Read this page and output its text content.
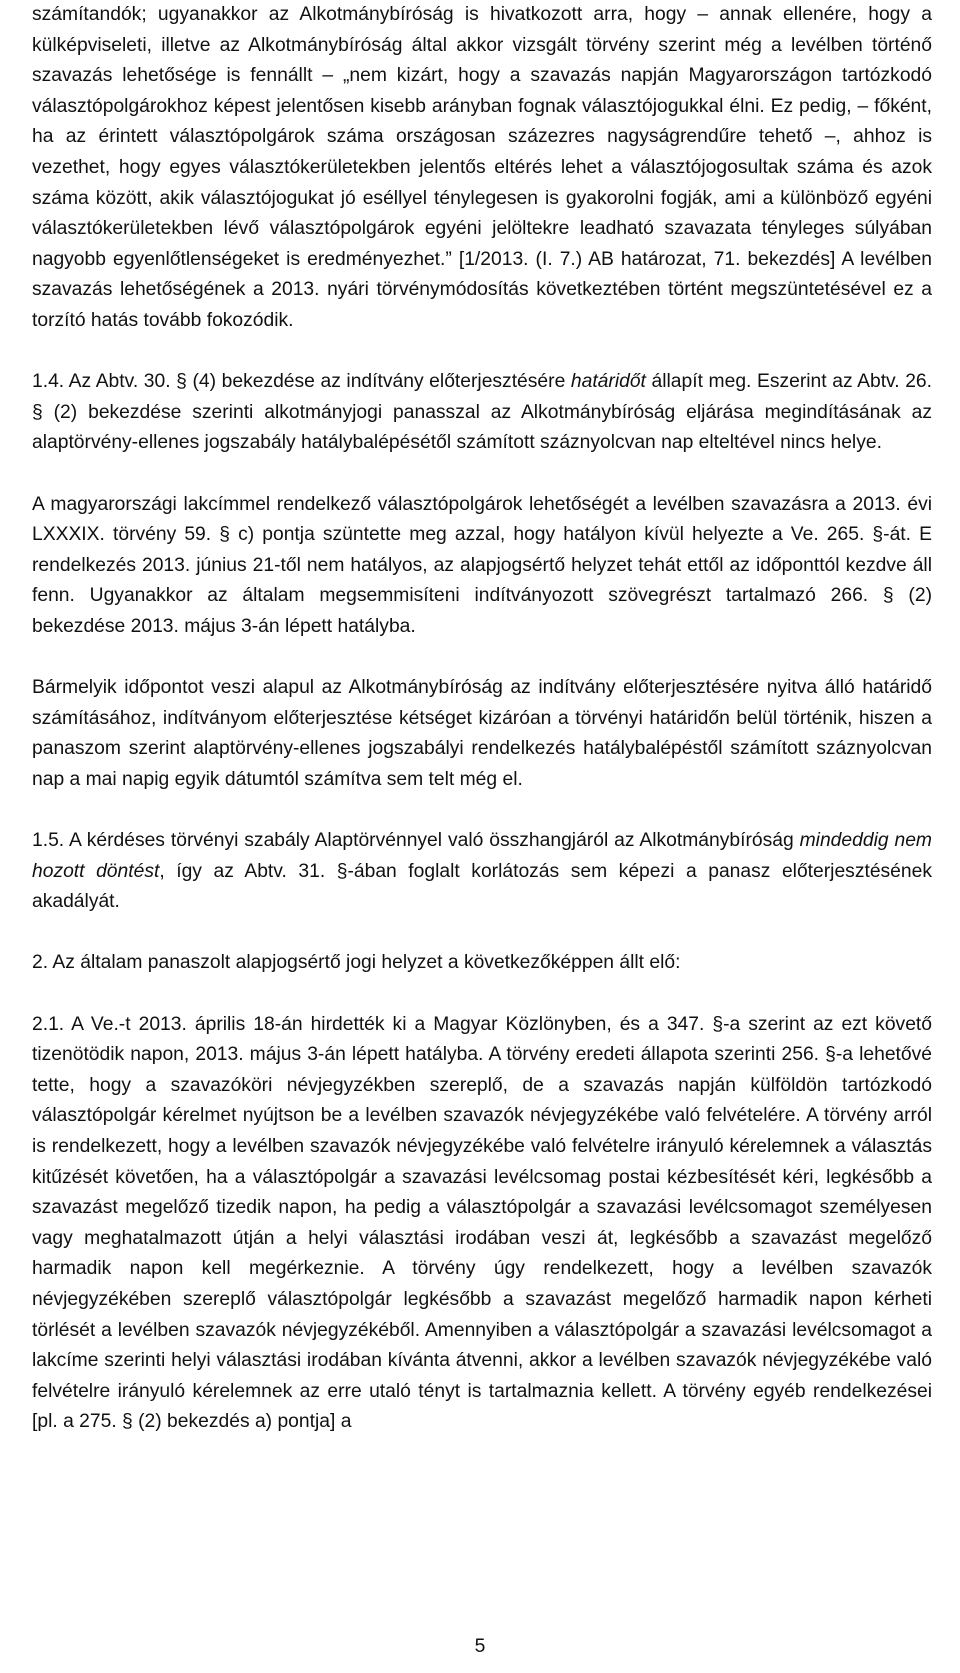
számítandók; ugyanakkor az Alkotmánybíróság is hivatkozott arra, hogy – annak ellenére, hogy a külképviseleti, illetve az Alkotmánybíróság által akkor vizsgált törvény szerint még a levélben történő szavazás lehetősége is fennállt – „nem kizárt, hogy a szavazás napján Magyarországon tartózkodó választópolgárokhoz képest jelentősen kisebb arányban fognak választójogukkal élni. Ez pedig, – főként, ha az érintett választópolgárok száma országosan százezres nagyságrendűre tehető –, ahhoz is vezethet, hogy egyes választókerületekben jelentős eltérés lehet a választójogosultak száma és azok száma között, akik választójogukat jó eséllyel ténylegesen is gyakorolni fogják, ami a különböző egyéni választókerületekben lévő választópolgárok egyéni jelöltekre leadható szavazata tényleges súlyában nagyobb egyenlőtlenségeket is eredményezhet.” [1/2013. (I. 7.) AB határozat, 71. bekezdés] A levélben szavazás lehetőségének a 2013. nyári törvénymódosítás következtében történt megszüntetésével ez a torzító hatás tovább fokozódik.

1.4. Az Abtv. 30. § (4) bekezdése az indítvány előterjesztésére határidőt állapít meg. Eszerint az Abtv. 26. § (2) bekezdése szerinti alkotmányjogi panasszal az Alkotmánybíróság eljárása megindításának az alaptörvény-ellenes jogszabály hatálybalépésétől számított száznyolcvan nap elteltével nincs helye.

A magyarországi lakcímmel rendelkező választópolgárok lehetőségét a levélben szavazásra a 2013. évi LXXXIX. törvény 59. § c) pontja szüntette meg azzal, hogy hatályon kívül helyezte a Ve. 265. §-át. E rendelkezés 2013. június 21-től nem hatályos, az alapjogsértő helyzet tehát ettől az időponttól kezdve áll fenn. Ugyanakkor az általam megsemmisíteni indítványozott szövegrészt tartalmazó 266. § (2) bekezdése 2013. május 3-án lépett hatályba.

Bármelyik időpontot veszi alapul az Alkotmánybíróság az indítvány előterjesztésére nyitva álló határidő számításához, indítványom előterjesztése kétséget kizáróan a törvényi határidőn belül történik, hiszen a panaszom szerint alaptörvény-ellenes jogszabályi rendelkezés hatálybalépéstől számított száznyolcvan nap a mai napig egyik dátumtól számítva sem telt még el.

1.5. A kérdéses törvényi szabály Alaptörvénnyel való összhangjáról az Alkotmánybíróság mindeddig nem hozott döntést, így az Abtv. 31. §-ában foglalt korlátozás sem képezi a panasz előterjesztésének akadályát.

2. Az általam panaszolt alapjogsértő jogi helyzet a következőképpen állt elő:

2.1. A Ve.-t 2013. április 18-án hirdették ki a Magyar Közlönyben, és a 347. §-a szerint az ezt követő tizenötödik napon, 2013. május 3-án lépett hatályba. A törvény eredeti állapota szerinti 256. §-a lehetővé tette, hogy a szavazóköri névjegyzékben szereplő, de a szavazás napján külföldön tartózkodó választópolgár kérelmet nyújtson be a levélben szavazók névjegyzékébe való felvételére. A törvény arról is rendelkezett, hogy a levélben szavazók névjegyzékébe való felvételre irányuló kérelemnek a választás kitűzését követően, ha a választópolgár a szavazási levélcsomag postai kézbesítését kéri, legkésőbb a szavazást megelőző tizedik napon, ha pedig a választópolgár a szavazási levélcsomagot személyesen vagy meghatalmazott útján a helyi választási irodában veszi át, legkésőbb a szavazást megelőző harmadik napon kell megérkeznie. A törvény úgy rendelkezett, hogy a levélben szavazók névjegyzékében szereplő választópolgár legkésőbb a szavazást megelőző harmadik napon kérheti törlését a levélben szavazók névjegyzékéből. Amennyiben a választópolgár a szavazási levélcsomagot a lakcíme szerinti helyi választási irodában kívánta átvenni, akkor a levélben szavazók névjegyzékébe való felvételre irányuló kérelemnek az erre utaló tényt is tartalmaznia kellett. A törvény egyéb rendelkezései [pl. a 275. § (2) bekezdés a) pontja] a

5
